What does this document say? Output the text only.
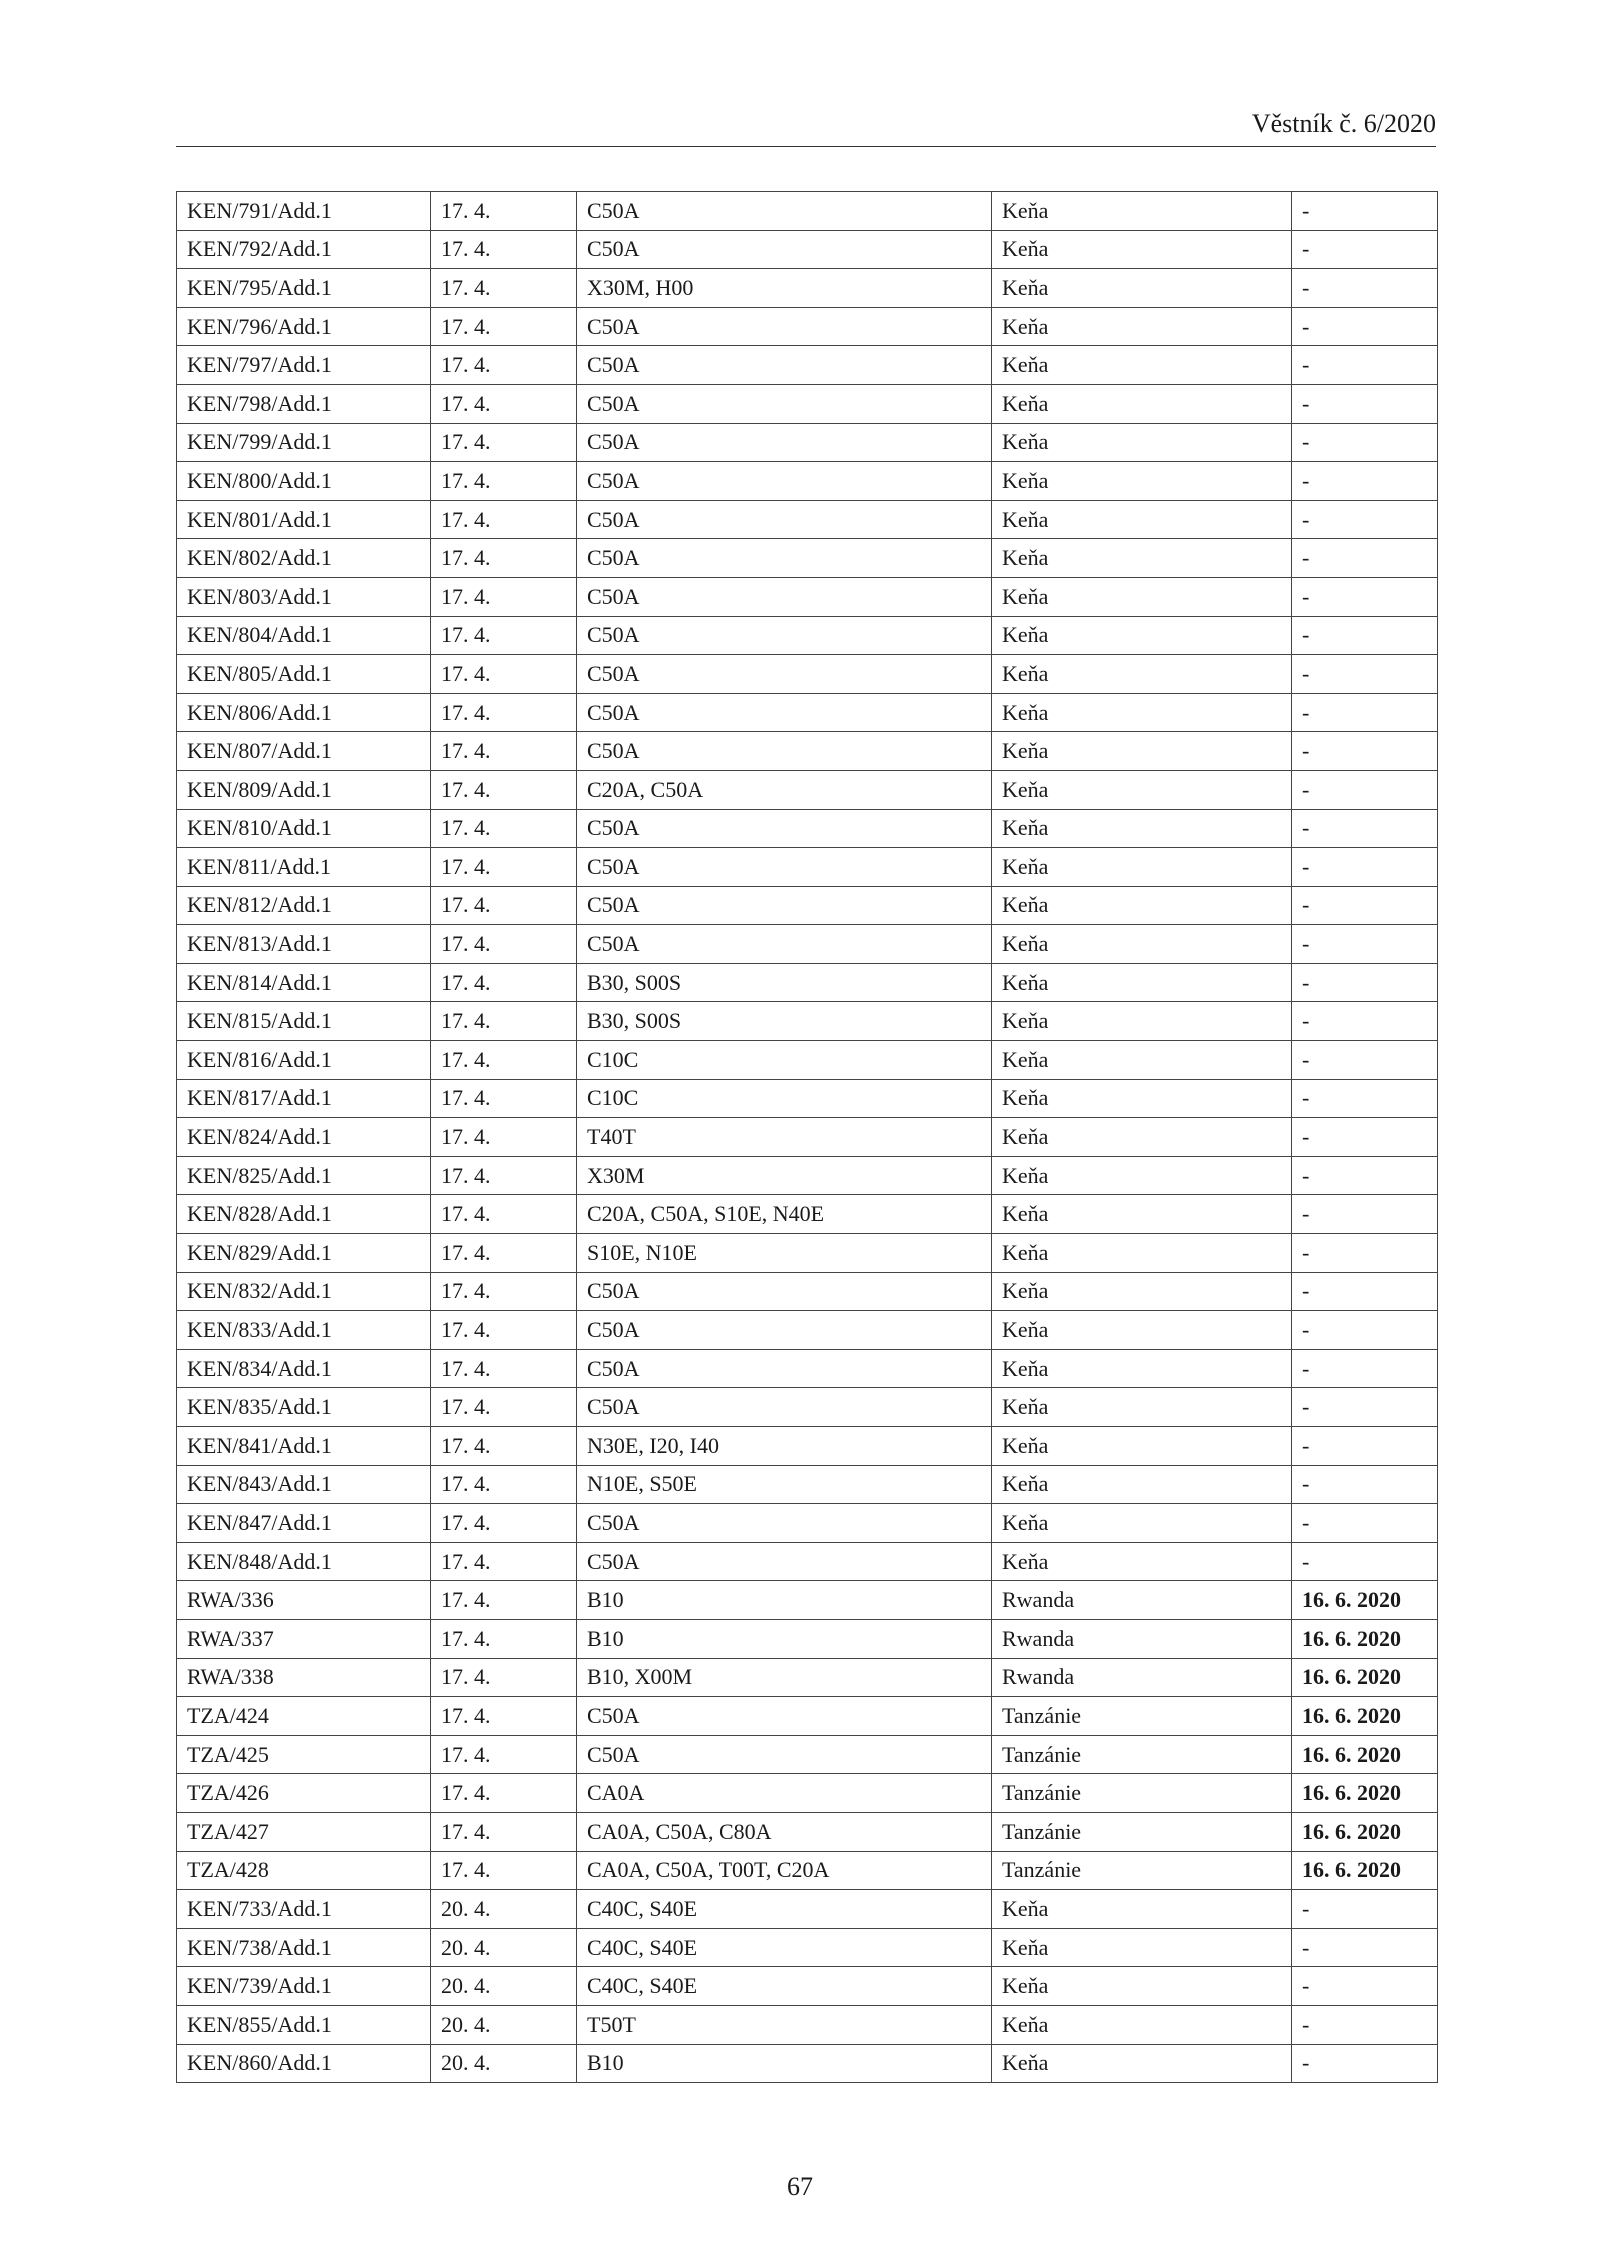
Věstník č. 6/2020
KEN/791/Add.1	17. 4.	C50A	Keňa	-
KEN/792/Add.1	17. 4.	C50A	Keňa	-
KEN/795/Add.1	17. 4.	X30M, H00	Keňa	-
KEN/796/Add.1	17. 4.	C50A	Keňa	-
KEN/797/Add.1	17. 4.	C50A	Keňa	-
KEN/798/Add.1	17. 4.	C50A	Keňa	-
KEN/799/Add.1	17. 4.	C50A	Keňa	-
KEN/800/Add.1	17. 4.	C50A	Keňa	-
KEN/801/Add.1	17. 4.	C50A	Keňa	-
KEN/802/Add.1	17. 4.	C50A	Keňa	-
KEN/803/Add.1	17. 4.	C50A	Keňa	-
KEN/804/Add.1	17. 4.	C50A	Keňa	-
KEN/805/Add.1	17. 4.	C50A	Keňa	-
KEN/806/Add.1	17. 4.	C50A	Keňa	-
KEN/807/Add.1	17. 4.	C50A	Keňa	-
KEN/809/Add.1	17. 4.	C20A, C50A	Keňa	-
KEN/810/Add.1	17. 4.	C50A	Keňa	-
KEN/811/Add.1	17. 4.	C50A	Keňa	-
KEN/812/Add.1	17. 4.	C50A	Keňa	-
KEN/813/Add.1	17. 4.	C50A	Keňa	-
KEN/814/Add.1	17. 4.	B30, S00S	Keňa	-
KEN/815/Add.1	17. 4.	B30, S00S	Keňa	-
KEN/816/Add.1	17. 4.	C10C	Keňa	-
KEN/817/Add.1	17. 4.	C10C	Keňa	-
KEN/824/Add.1	17. 4.	T40T	Keňa	-
KEN/825/Add.1	17. 4.	X30M	Keňa	-
KEN/828/Add.1	17. 4.	C20A, C50A, S10E, N40E	Keňa	-
KEN/829/Add.1	17. 4.	S10E, N10E	Keňa	-
KEN/832/Add.1	17. 4.	C50A	Keňa	-
KEN/833/Add.1	17. 4.	C50A	Keňa	-
KEN/834/Add.1	17. 4.	C50A	Keňa	-
KEN/835/Add.1	17. 4.	C50A	Keňa	-
KEN/841/Add.1	17. 4.	N30E, I20, I40	Keňa	-
KEN/843/Add.1	17. 4.	N10E, S50E	Keňa	-
KEN/847/Add.1	17. 4.	C50A	Keňa	-
KEN/848/Add.1	17. 4.	C50A	Keňa	-
RWA/336	17. 4.	B10	Rwanda	16. 6. 2020
RWA/337	17. 4.	B10	Rwanda	16. 6. 2020
RWA/338	17. 4.	B10, X00M	Rwanda	16. 6. 2020
TZA/424	17. 4.	C50A	Tanzánie	16. 6. 2020
TZA/425	17. 4.	C50A	Tanzánie	16. 6. 2020
TZA/426	17. 4.	CA0A	Tanzánie	16. 6. 2020
TZA/427	17. 4.	CA0A, C50A, C80A	Tanzánie	16. 6. 2020
TZA/428	17. 4.	CA0A, C50A, T00T, C20A	Tanzánie	16. 6. 2020
KEN/733/Add.1	20. 4.	C40C, S40E	Keňa	-
KEN/738/Add.1	20. 4.	C40C, S40E	Keňa	-
KEN/739/Add.1	20. 4.	C40C, S40E	Keňa	-
KEN/855/Add.1	20. 4.	T50T	Keňa	-
KEN/860/Add.1	20. 4.	B10	Keňa	-
67
